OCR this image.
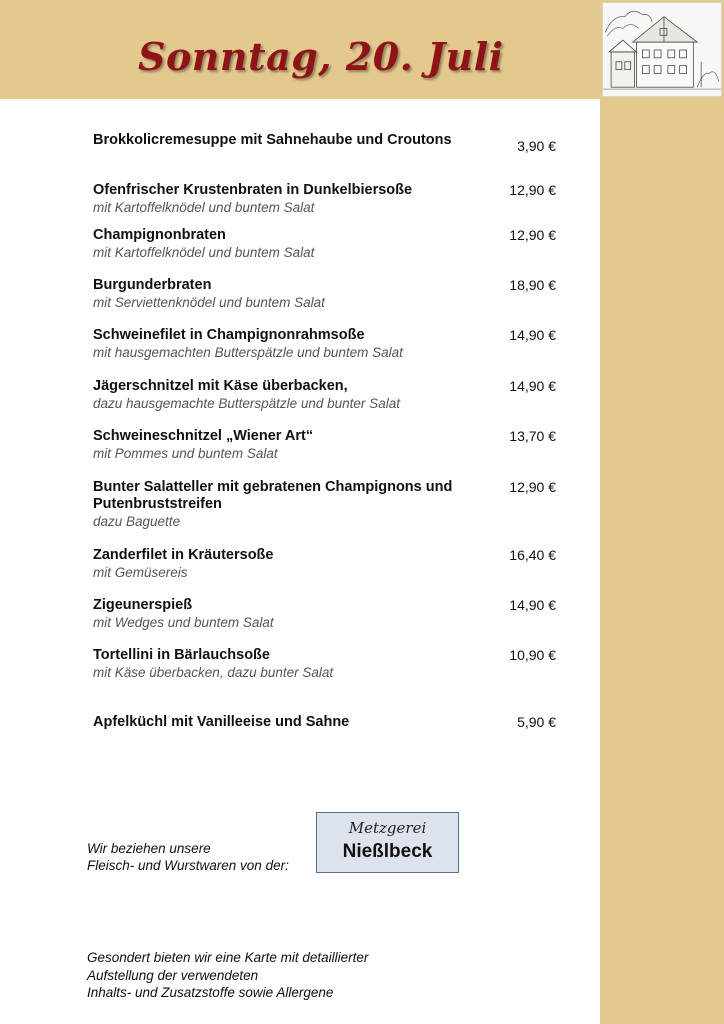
Sonntag, 20. Juli
Brokkolicremesuppe mit Sahnehaube und Croutons	3,90 €
Ofenfrischer Krustenbraten in Dunkelbiersoße
mit Kartoffelknödel und buntem Salat
12,90 €
Champignonbraten
mit Kartoffelknödel und buntem Salat
12,90 €
Burgunderbraten
mit Serviettenknödel und buntem Salat
18,90 €
Schweinefilet in Champignonrahmsoße
mit hausgemachten Butterspätzle und buntem Salat
14,90 €
Jägerschnitzel mit Käse überbacken,
dazu hausgemachte Butterspätzle und bunter Salat
14,90 €
Schweineschnitzel „Wiener Art“
mit Pommes und buntem Salat
13,70 €
Bunter Salatteller mit gebratenen Champignons und Putenbruststreifen
dazu Baguette
12,90 €
Zanderfilet in Kräutersoße
mit Gemüsereis
16,40 €
Zigeunerspieß
mit Wedges und buntem Salat
14,90 €
Tortellini in Bärlauchsoße
mit Käse überbacken, dazu bunter Salat
10,90 €
Apfelküchl mit Vanilleeise und Sahne	5,90 €
Wir beziehen unsere
Fleisch- und Wurstwaren von der:
Metzgerei
Nießlbeck
Gesondert bieten wir eine Karte mit detaillierter
Aufstellung der verwendeten
Inhalts- und Zusatzstoffe sowie Allergene
